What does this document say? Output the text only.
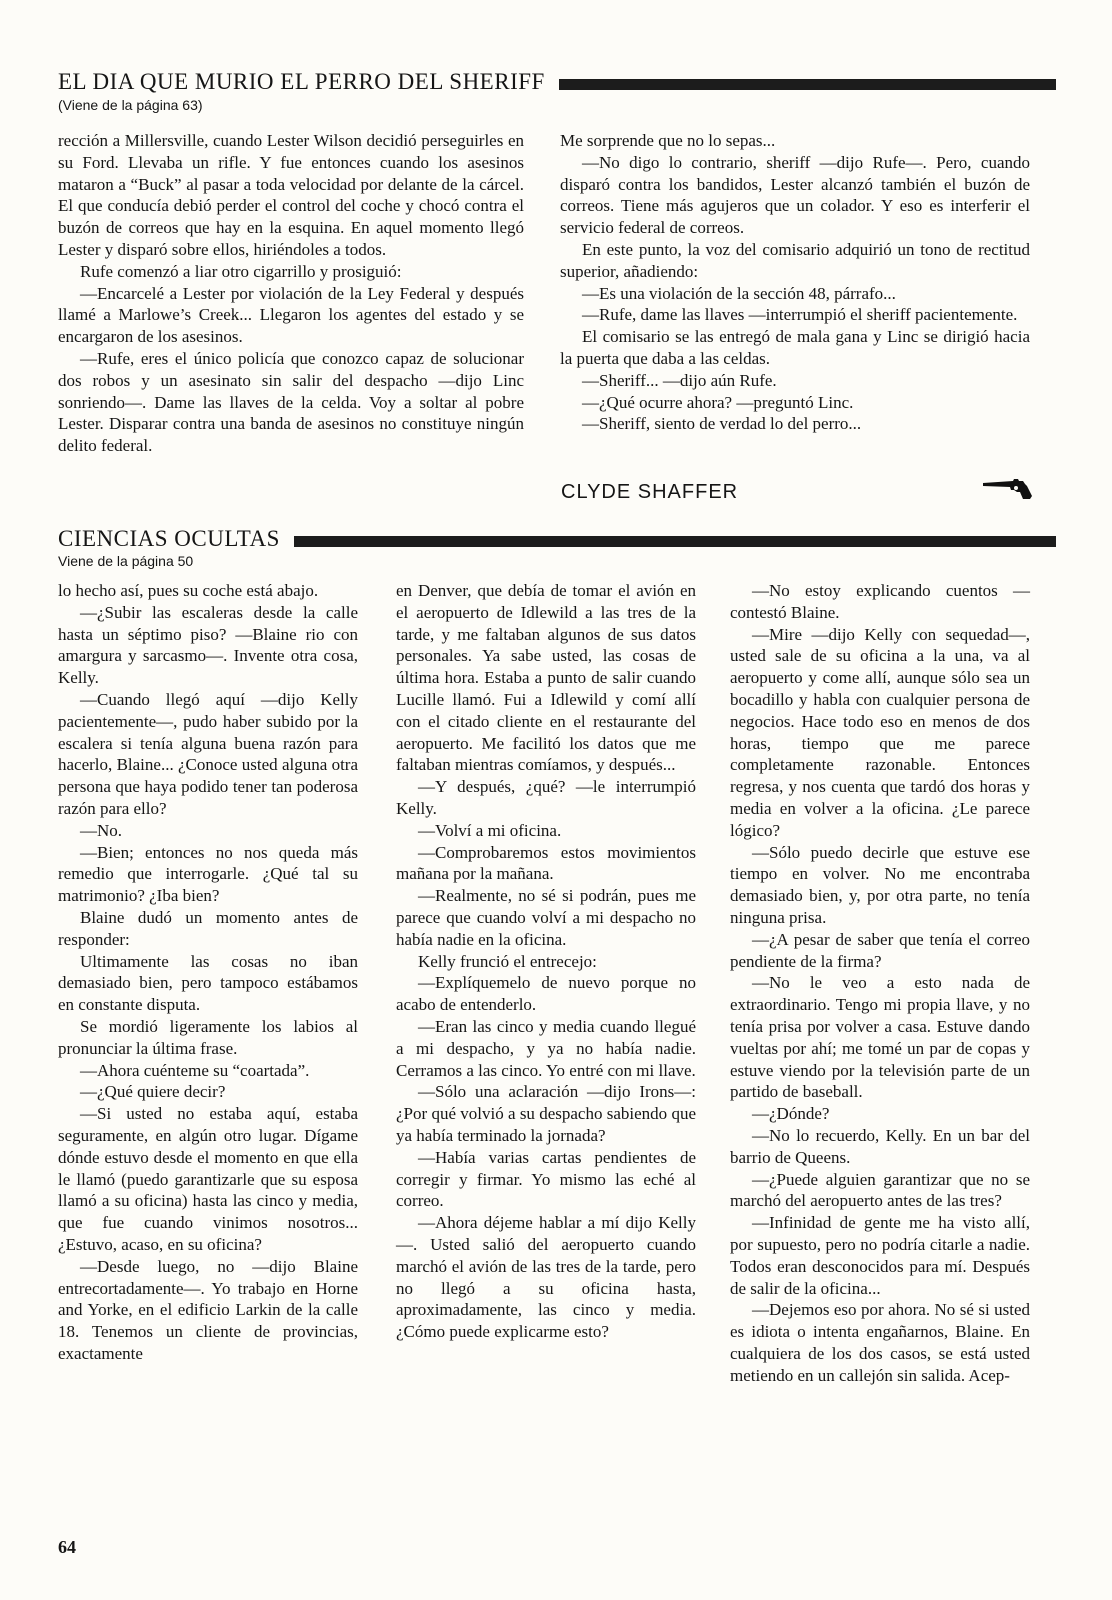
EL DIA QUE MURIO EL PERRO DEL SHERIFF
(Viene de la página 63)

rección a Millersville, cuando Lester Wilson decidió perseguirles en su Ford. Llevaba un rifle. Y fue entonces cuando los asesinos mataron a “Buck” al pasar a toda velocidad por delante de la cárcel. El que conducía debió perder el control del coche y chocó contra el buzón de correos que hay en la esquina. En aquel momento llegó Lester y disparó sobre ellos, hiriéndoles a todos.

Rufe comenzó a liar otro cigarrillo y prosiguió:

—Encarcelé a Lester por violación de la Ley Federal y después llamé a Marlowe’s Creek... Llegaron los agentes del estado y se encargaron de los asesinos.

—Rufe, eres el único policía que conozco capaz de solucionar dos robos y un asesinato sin salir del despacho —dijo Linc sonriendo—. Dame las llaves de la celda. Voy a soltar al pobre Lester. Disparar contra una banda de asesinos no constituye ningún delito federal.

Me sorprende que no lo sepas...

—No digo lo contrario, sheriff —dijo Rufe—. Pero, cuando disparó contra los bandidos, Lester alcanzó también el buzón de correos. Tiene más agujeros que un colador. Y eso es interferir el servicio federal de correos.

En este punto, la voz del comisario adquirió un tono de rectitud superior, añadiendo:

—Es una violación de la sección 48, párrafo...

—Rufe, dame las llaves —interrumpió el sheriff pacientemente.

El comisario se las entregó de mala gana y Linc se dirigió hacia la puerta que daba a las celdas.

—Sheriff... —dijo aún Rufe.

—¿Qué ocurre ahora? —preguntó Linc.

—Sheriff, siento de verdad lo del perro...

CLYDE SHAFFER
CIENCIAS OCULTAS
Viene de la página 50

lo hecho así, pues su coche está abajo.

—¿Subir las escaleras desde la calle hasta un séptimo piso? —Blaine rio con amargura y sarcasmo—. Invente otra cosa, Kelly.

—Cuando llegó aquí —dijo Kelly pacientemente—, pudo haber subido por la escalera si tenía alguna buena razón para hacerlo, Blaine... ¿Conoce usted alguna otra persona que haya podido tener tan poderosa razón para ello?

—No.

—Bien; entonces no nos queda más remedio que interrogarle. ¿Qué tal su matrimonio? ¿Iba bien?

Blaine dudó un momento antes de responder:

Ultimamente las cosas no iban demasiado bien, pero tampoco estábamos en constante disputa.

Se mordió ligeramente los labios al pronunciar la última frase.

—Ahora cuénteme su “coartada”.

—¿Qué quiere decir?

—Si usted no estaba aquí, estaba seguramente, en algún otro lugar. Dígame dónde estuvo desde el momento en que ella le llamó (puedo garantizarle que su esposa llamó a su oficina) hasta las cinco y media, que fue cuando vinimos nosotros... ¿Estuvo, acaso, en su oficina?

—Desde luego, no —dijo Blaine entrecortadamente—. Yo trabajo en Horne and Yorke, en el edificio Larkin de la calle 18. Tenemos un cliente de provincias, exactamente

en Denver, que debía de tomar el avión en el aeropuerto de Idlewild a las tres de la tarde, y me faltaban algunos de sus datos personales. Ya sabe usted, las cosas de última hora. Estaba a punto de salir cuando Lucille llamó. Fui a Idlewild y comí allí con el citado cliente en el restaurante del aeropuerto. Me facilitó los datos que me faltaban mientras comíamos, y después...

—Y después, ¿qué? —le interrumpió Kelly.

—Volví a mi oficina.

—Comprobaremos estos movimientos mañana por la mañana.

—Realmente, no sé si podrán, pues me parece que cuando volví a mi despacho no había nadie en la oficina.

Kelly frunció el entrecejo:

—Explíquemelo de nuevo porque no acabo de entenderlo.

—Eran las cinco y media cuando llegué a mi despacho, y ya no había nadie. Cerramos a las cinco. Yo entré con mi llave.

—Sólo una aclaración —dijo Irons—: ¿Por qué volvió a su despacho sabiendo que ya había terminado la jornada?

—Había varias cartas pendientes de corregir y firmar. Yo mismo las eché al correo.

—Ahora déjeme hablar a mí dijo Kelly—. Usted salió del aeropuerto cuando marchó el avión de las tres de la tarde, pero no llegó a su oficina hasta, aproximadamente, las cinco y media. ¿Cómo puede explicarme esto?

—No estoy explicando cuentos —contestó Blaine.

—Mire —dijo Kelly con sequedad—, usted sale de su oficina a la una, va al aeropuerto y come allí, aunque sólo sea un bocadillo y habla con cualquier persona de negocios. Hace todo eso en menos de dos horas, tiempo que me parece completamente razonable. Entonces regresa, y nos cuenta que tardó dos horas y media en volver a la oficina. ¿Le parece lógico?

—Sólo puedo decirle que estuve ese tiempo en volver. No me encontraba demasiado bien, y, por otra parte, no tenía ninguna prisa.

—¿A pesar de saber que tenía el correo pendiente de la firma?

—No le veo a esto nada de extraordinario. Tengo mi propia llave, y no tenía prisa por volver a casa. Estuve dando vueltas por ahí; me tomé un par de copas y estuve viendo por la televisión parte de un partido de baseball.

—¿Dónde?

—No lo recuerdo, Kelly. En un bar del barrio de Queens.

—¿Puede alguien garantizar que no se marchó del aeropuerto antes de las tres?

—Infinidad de gente me ha visto allí, por supuesto, pero no podría citarle a nadie. Todos eran desconocidos para mí. Después de salir de la oficina...

—Dejemos eso por ahora. No sé si usted es idiota o intenta engañarnos, Blaine. En cualquiera de los dos casos, se está usted metiendo en un callejón sin salida. Acep-

64
